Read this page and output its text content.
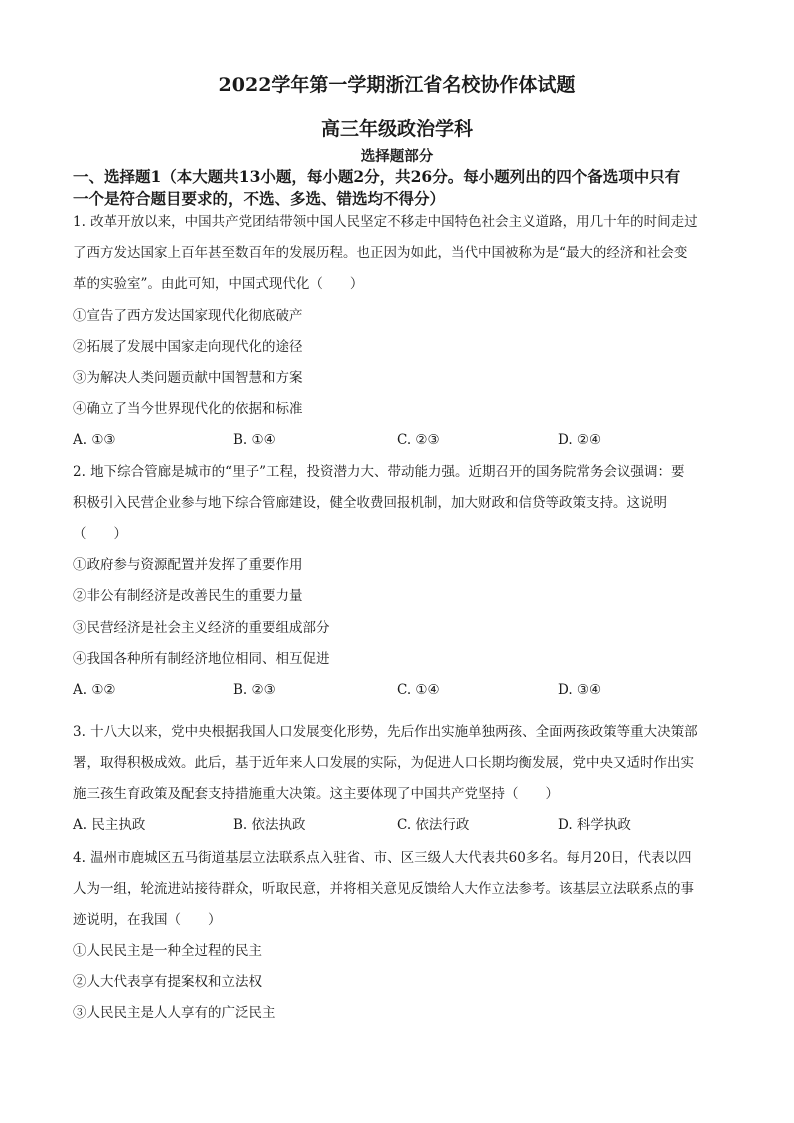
2022学年第一学期浙江省名校协作体试题
高三年级政治学科
选择题部分
一、选择题1（本大题共13小题，每小题2分，共26分。每小题列出的四个备选项中只有
一个是符合题目要求的，不选、多选、错选均不得分）
1. 改革开放以来，中国共产党团结带领中国人民坚定不移走中国特色社会主义道路，用几十年的时间走过
了西方发达国家上百年甚至数百年的发展历程。也正因为如此，当代中国被称为是“最大的经济和社会变
革的实验室”。由此可知，中国式现代化（　　）
①宣告了西方发达国家现代化彻底破产
②拓展了发展中国家走向现代化的途径
③为解决人类问题贡献中国智慧和方案
④确立了当今世界现代化的依据和标准
A. ①③	B. ①④	C. ②③	D. ②④
2. 地下综合管廊是城市的“里子”工程，投资潜力大、带动能力强。近期召开的国务院常务会议强调：要
积极引入民营企业参与地下综合管廊建设，健全收费回报机制，加大财政和信贷等政策支持。这说明
（　　）
①政府参与资源配置并发挥了重要作用
②非公有制经济是改善民生的重要力量
③民营经济是社会主义经济的重要组成部分
④我国各种所有制经济地位相同、相互促进
A. ①②	B. ②③	C. ①④	D. ③④
3. 十八大以来，党中央根据我国人口发展变化形势，先后作出实施单独两孩、全面两孩政策等重大决策部
署，取得积极成效。此后，基于近年来人口发展的实际，为促进人口长期均衡发展，党中央又适时作出实
施三孩生育政策及配套支持措施重大决策。这主要体现了中国共产党坚持（　　）
A. 民主执政	B. 依法执政	C. 依法行政	D. 科学执政
4. 温州市鹿城区五马街道基层立法联系点入驻省、市、区三级人大代表共60多名。每月20日，代表以四
人为一组，轮流进站接待群众，听取民意，并将相关意见反馈给人大作立法参考。该基层立法联系点的事
迹说明，在我国（　　）
①人民民主是一种全过程的民主
②人大代表享有提案权和立法权
③人民民主是人人享有的广泛民主
